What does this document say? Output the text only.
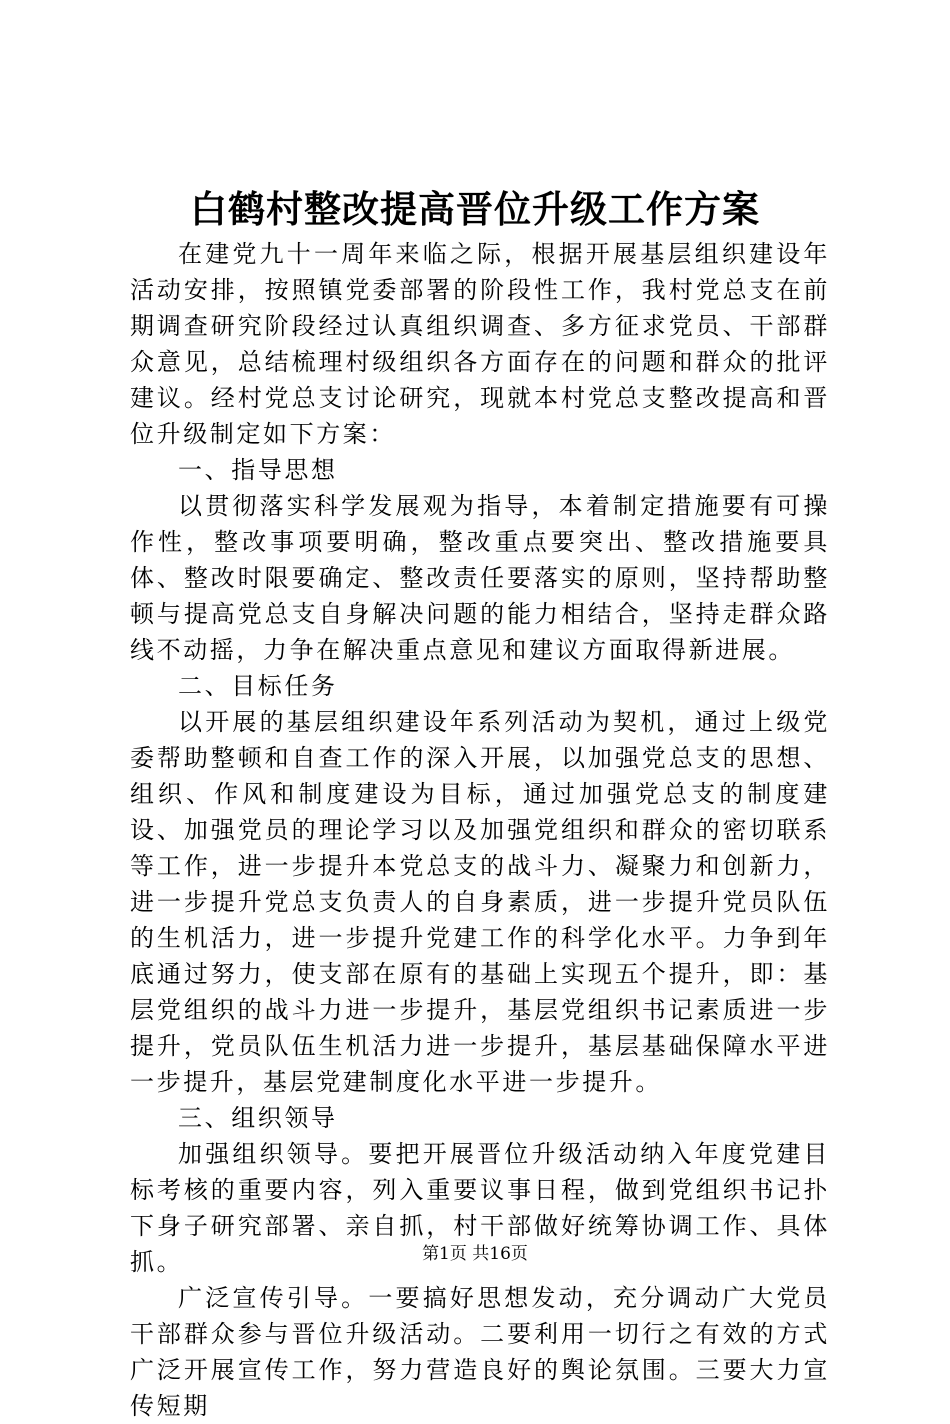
白鹤村整改提高晋位升级工作方案

在建党九十一周年来临之际，根据开展基层组织建设年活动安排，按照镇党委部署的阶段性工作，我村党总支在前期调查研究阶段经过认真组织调查、多方征求党员、干部群众意见，总结梳理村级组织各方面存在的问题和群众的批评建议。经村党总支讨论研究，现就本村党总支整改提高和晋位升级制定如下方案：

一、指导思想

以贯彻落实科学发展观为指导，本着制定措施要有可操作性，整改事项要明确，整改重点要突出、整改措施要具体、整改时限要确定、整改责任要落实的原则，坚持帮助整顿与提高党总支自身解决问题的能力相结合，坚持走群众路线不动摇，力争在解决重点意见和建议方面取得新进展。

二、目标任务

以开展的基层组织建设年系列活动为契机，通过上级党委帮助整顿和自查工作的深入开展，以加强党总支的思想、组织、作风和制度建设为目标，通过加强党总支的制度建设、加强党员的理论学习以及加强党组织和群众的密切联系等工作，进一步提升本党总支的战斗力、凝聚力和创新力，进一步提升党总支负责人的自身素质，进一步提升党员队伍的生机活力，进一步提升党建工作的科学化水平。力争到年底通过努力，使支部在原有的基础上实现五个提升，即：基层党组织的战斗力进一步提升，基层党组织书记素质进一步提升，党员队伍生机活力进一步提升，基层基础保障水平进一步提升，基层党建制度化水平进一步提升。

三、组织领导

加强组织领导。要把开展晋位升级活动纳入年度党建目标考核的重要内容，列入重要议事日程，做到党组织书记扑下身子研究部署、亲自抓，村干部做好统筹协调工作、具体抓。

广泛宣传引导。一要搞好思想发动，充分调动广大党员干部群众参与晋位升级活动。二要利用一切行之有效的方式广泛开展宣传工作，努力营造良好的舆论氛围。三要大力宣传短期

第1页 共16页
